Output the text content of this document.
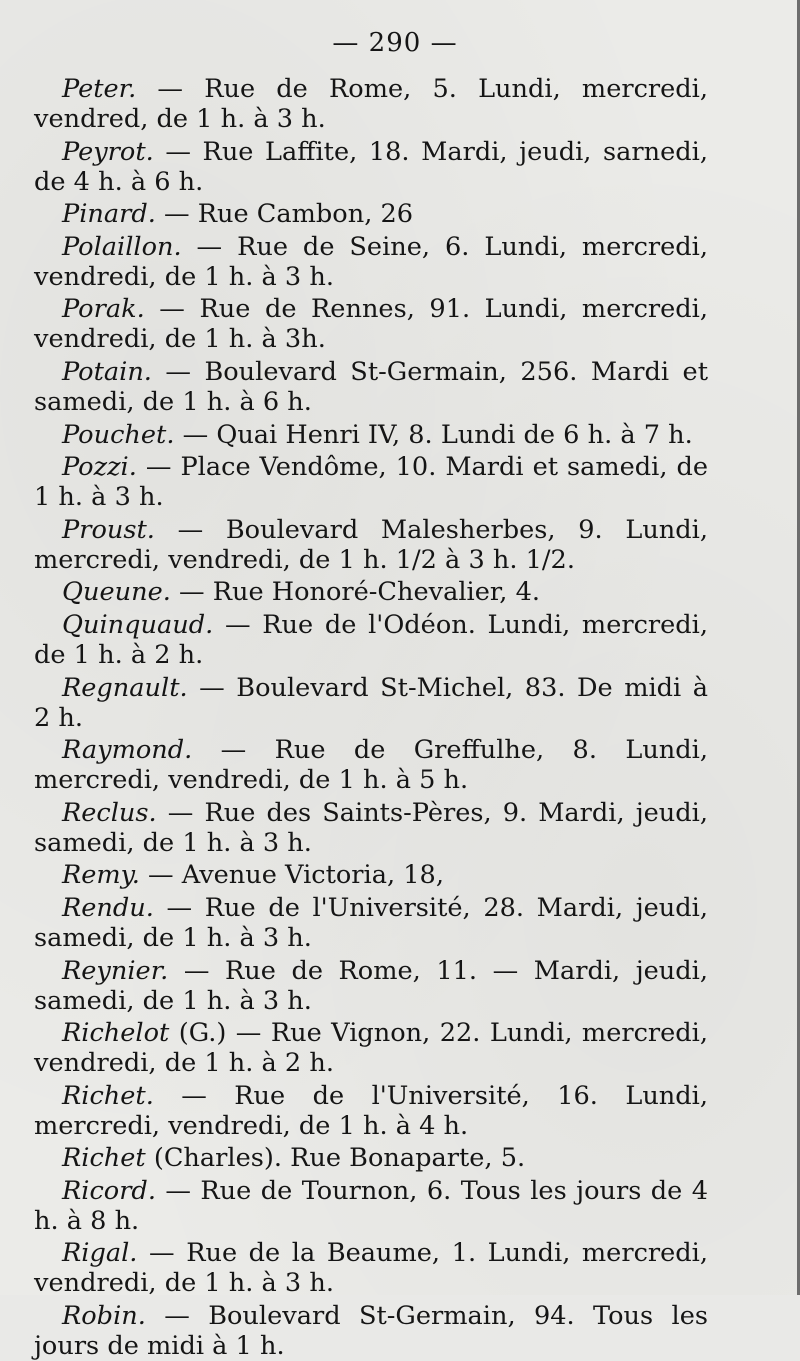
— 290 —

Peter. — Rue de Rome, 5. Lundi, mercredi, vendred, de 1 h. à 3 h.

Peyrot. — Rue Laffite, 18. Mardi, jeudi, sarnedi, de 4 h. à 6 h.

Pinard. — Rue Cambon, 26

Polaillon. — Rue de Seine, 6. Lundi, mercredi, vendredi, de 1 h. à 3 h.

Porak. — Rue de Rennes, 91. Lundi, mercredi, vendredi, de 1 h. à 3h.

Potain. — Boulevard St-Germain, 256. Mardi et samedi, de 1 h. à 6 h.

Pouchet. — Quai Henri IV, 8. Lundi de 6 h. à 7 h.

Pozzi. — Place Vendôme, 10. Mardi et samedi, de 1 h. à 3 h.

Proust. — Boulevard Malesherbes, 9. Lundi, mercredi, vendredi, de 1 h. 1/2 à 3 h. 1/2.

Queune. — Rue Honoré-Chevalier, 4.

Quinquaud. — Rue de l'Odéon. Lundi, mercredi, de 1 h. à 2 h.

Regnault. — Boulevard St-Michel, 83. De midi à 2 h.

Raymond. — Rue de Greffulhe, 8. Lundi, mercredi, vendredi, de 1 h. à 5 h.

Reclus. — Rue des Saints-Pères, 9. Mardi, jeudi, samedi, de 1 h. à 3 h.

Remy. — Avenue Victoria, 18,

Rendu. — Rue de l'Université, 28. Mardi, jeudi, samedi, de 1 h. à 3 h.

Reynier. — Rue de Rome, 11. — Mardi, jeudi, samedi, de 1 h. à 3 h.

Richelot (G.) — Rue Vignon, 22. Lundi, mercredi, vendredi, de 1 h. à 2 h.

Richet. — Rue de l'Université, 16. Lundi, mercredi, vendredi, de 1 h. à 4 h.

Richet (Charles). Rue Bonaparte, 5.

Ricord. — Rue de Tournon, 6. Tous les jours de 4 h. à 8 h.

Rigal. — Rue de la Beaume, 1. Lundi, mercredi, vendredi, de 1 h. à 3 h.

Robin. — Boulevard St-Germain, 94. Tous les jours de midi à 1 h.
